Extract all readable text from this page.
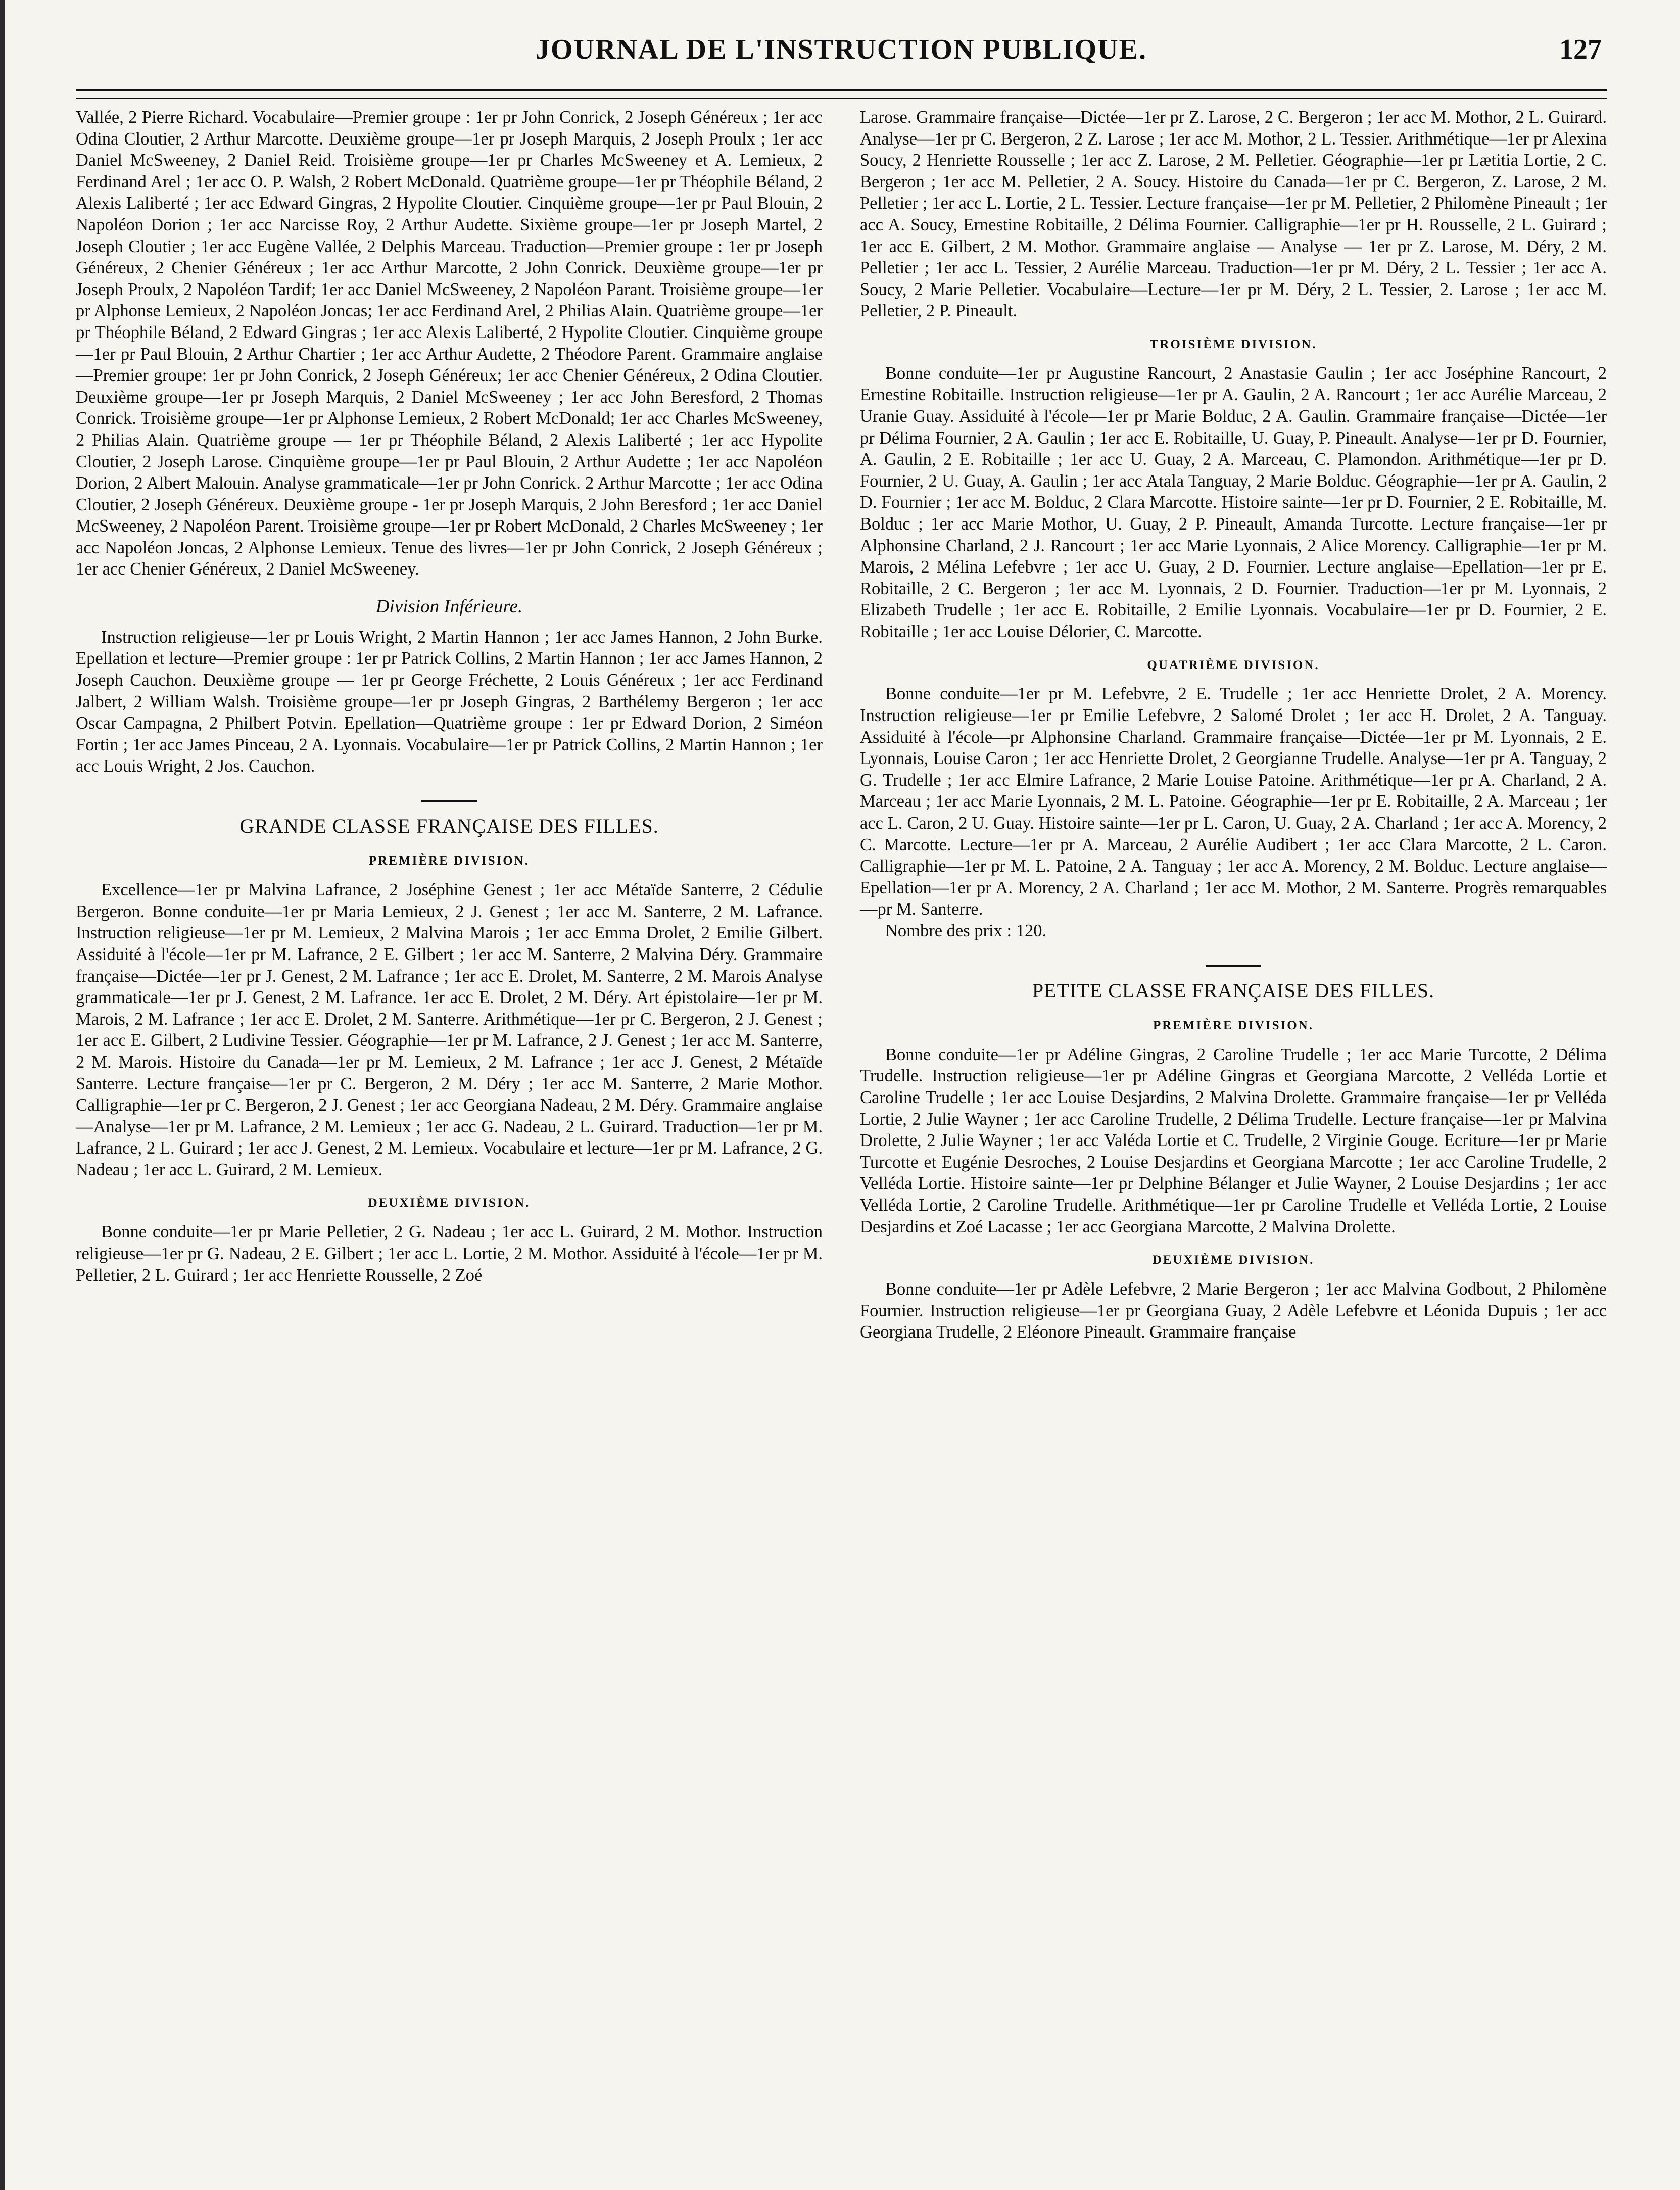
JOURNAL DE L'INSTRUCTION PUBLIQUE.	127

Vallée, 2 Pierre Richard. Vocabulaire—Premier groupe : 1er pr John Conrick, 2 Joseph Généreux ; 1er acc Odina Cloutier, 2 Arthur Marcotte. Deuxième groupe—1er pr Joseph Marquis, 2 Joseph Proulx ; 1er acc Daniel McSweeney, 2 Daniel Reid. Troisième groupe—1er pr Charles McSweeney et A. Lemieux, 2 Ferdinand Arel ; 1er acc O. P. Walsh, 2 Robert McDonald. Quatrième groupe—1er pr Théophile Béland, 2 Alexis Laliberté ; 1er acc Edward Gingras, 2 Hypolite Cloutier. Cinquième groupe—1er pr Paul Blouin, 2 Napoléon Dorion ; 1er acc Narcisse Roy, 2 Arthur Audette. Sixième groupe—1er pr Joseph Martel, 2 Joseph Cloutier ; 1er acc Eugène Vallée, 2 Delphis Marceau. Traduction—Premier groupe : 1er pr Joseph Généreux, 2 Chenier Généreux ; 1er acc Arthur Marcotte, 2 John Conrick. Deuxième groupe—1er pr Joseph Proulx, 2 Napoléon Tardif; 1er acc Daniel McSweeney, 2 Napoléon Parant. Troisième groupe—1er pr Alphonse Lemieux, 2 Napoléon Joncas; 1er acc Ferdinand Arel, 2 Philias Alain. Quatrième groupe—1er pr Théophile Béland, 2 Edward Gingras ; 1er acc Alexis Laliberté, 2 Hypolite Cloutier. Cinquième groupe—1er pr Paul Blouin, 2 Arthur Chartier ; 1er acc Arthur Audette, 2 Théodore Parent. Grammaire anglaise—Premier groupe: 1er pr John Conrick, 2 Joseph Généreux; 1er acc Chenier Généreux, 2 Odina Cloutier. Deuxième groupe—1er pr Joseph Marquis, 2 Daniel McSweeney ; 1er acc John Beresford, 2 Thomas Conrick. Troisième groupe—1er pr Alphonse Lemieux, 2 Robert McDonald; 1er acc Charles McSweeney, 2 Philias Alain. Quatrième groupe — 1er pr Théophile Béland, 2 Alexis Laliberté ; 1er acc Hypolite Cloutier, 2 Joseph Larose. Cinquième groupe—1er pr Paul Blouin, 2 Arthur Audette ; 1er acc Napoléon Dorion, 2 Albert Malouin. Analyse grammaticale—1er pr John Conrick. 2 Arthur Marcotte ; 1er acc Odina Cloutier, 2 Joseph Généreux. Deuxième groupe - 1er pr Joseph Marquis, 2 John Beresford ; 1er acc Daniel McSweeney, 2 Napoléon Parent. Troisième groupe—1er pr Robert McDonald, 2 Charles McSweeney ; 1er acc Napoléon Joncas, 2 Alphonse Lemieux. Tenue des livres—1er pr John Conrick, 2 Joseph Généreux ; 1er acc Chenier Généreux, 2 Daniel McSweeney.

Division Inférieure.

Instruction religieuse—1er pr Louis Wright, 2 Martin Hannon ; 1er acc James Hannon, 2 John Burke. Epellation et lecture—Premier groupe : 1er pr Patrick Collins, 2 Martin Hannon ; 1er acc James Hannon, 2 Joseph Cauchon. Deuxième groupe — 1er pr George Fréchette, 2 Louis Généreux ; 1er acc Ferdinand Jalbert, 2 William Walsh. Troisième groupe—1er pr Joseph Gingras, 2 Barthélemy Bergeron ; 1er acc Oscar Campagna, 2 Philbert Potvin. Epellation—Quatrième groupe : 1er pr Edward Dorion, 2 Siméon Fortin ; 1er acc James Pinceau, 2 A. Lyonnais. Vocabulaire—1er pr Patrick Collins, 2 Martin Hannon ; 1er acc Louis Wright, 2 Jos. Cauchon.

GRANDE CLASSE FRANÇAISE DES FILLES.
PREMIÈRE DIVISION.

Excellence—1er pr Malvina Lafrance, 2 Joséphine Genest ; 1er acc Métaïde Santerre, 2 Cédulie Bergeron. Bonne conduite—1er pr Maria Lemieux, 2 J. Genest ; 1er acc M. Santerre, 2 M. Lafrance. Instruction religieuse—1er pr M. Lemieux, 2 Malvina Marois ; 1er acc Emma Drolet, 2 Emilie Gilbert. Assiduité à l'école—1er pr M. Lafrance, 2 E. Gilbert ; 1er acc M. Santerre, 2 Malvina Déry. Grammaire française—Dictée—1er pr J. Genest, 2 M. Lafrance ; 1er acc E. Drolet, M. Santerre, 2 M. Marois Analyse grammaticale—1er pr J. Genest, 2 M. Lafrance. 1er acc E. Drolet, 2 M. Déry. Art épistolaire—1er pr M. Marois, 2 M. Lafrance ; 1er acc E. Drolet, 2 M. Santerre. Arithmétique—1er pr C. Bergeron, 2 J. Genest ; 1er acc E. Gilbert, 2 Ludivine Tessier. Géographie—1er pr M. Lafrance, 2 J. Genest ; 1er acc M. Santerre, 2 M. Marois. Histoire du Canada—1er pr M. Lemieux, 2 M. Lafrance ; 1er acc J. Genest, 2 Métaïde Santerre. Lecture française—1er pr C. Bergeron, 2 M. Déry ; 1er acc M. Santerre, 2 Marie Mothor. Calligraphie—1er pr C. Bergeron, 2 J. Genest ; 1er acc Georgiana Nadeau, 2 M. Déry. Grammaire anglaise—Analyse—1er pr M. Lafrance, 2 M. Lemieux ; 1er acc G. Nadeau, 2 L. Guirard. Traduction—1er pr M. Lafrance, 2 L. Guirard ; 1er acc J. Genest, 2 M. Lemieux. Vocabulaire et lecture—1er pr M. Lafrance, 2 G. Nadeau ; 1er acc L. Guirard, 2 M. Lemieux.

DEUXIÈME DIVISION.

Bonne conduite—1er pr Marie Pelletier, 2 G. Nadeau ; 1er acc L. Guirard, 2 M. Mothor. Instruction religieuse—1er pr G. Nadeau, 2 E. Gilbert ; 1er acc L. Lortie, 2 M. Mothor. Assiduité à l'école—1er pr M. Pelletier, 2 L. Guirard ; 1er acc Henriette Rousselle, 2 Zoé

Larose. Grammaire française—Dictée—1er pr Z. Larose, 2 C. Bergeron ; 1er acc M. Mothor, 2 L. Guirard. Analyse—1er pr C. Bergeron, 2 Z. Larose ; 1er acc M. Mothor, 2 L. Tessier. Arithmétique—1er pr Alexina Soucy, 2 Henriette Rousselle ; 1er acc Z. Larose, 2 M. Pelletier. Géographie—1er pr Lætitia Lortie, 2 C. Bergeron ; 1er acc M. Pelletier, 2 A. Soucy. Histoire du Canada—1er pr C. Bergeron, Z. Larose, 2 M. Pelletier ; 1er acc L. Lortie, 2 L. Tessier. Lecture française—1er pr M. Pelletier, 2 Philomène Pineault ; 1er acc A. Soucy, Ernestine Robitaille, 2 Délima Fournier. Calligraphie—1er pr H. Rousselle, 2 L. Guirard ; 1er acc E. Gilbert, 2 M. Mothor. Grammaire anglaise — Analyse — 1er pr Z. Larose, M. Déry, 2 M. Pelletier ; 1er acc L. Tessier, 2 Aurélie Marceau. Traduction—1er pr M. Déry, 2 L. Tessier ; 1er acc A. Soucy, 2 Marie Pelletier. Vocabulaire—Lecture—1er pr M. Déry, 2 L. Tessier, 2. Larose ; 1er acc M. Pelletier, 2 P. Pineault.

TROISIÈME DIVISION.

Bonne conduite—1er pr Augustine Rancourt, 2 Anastasie Gaulin ; 1er acc Joséphine Rancourt, 2 Ernestine Robitaille. Instruction religieuse—1er pr A. Gaulin, 2 A. Rancourt ; 1er acc Aurélie Marceau, 2 Uranie Guay. Assiduité à l'école—1er pr Marie Bolduc, 2 A. Gaulin. Grammaire française—Dictée—1er pr Délima Fournier, 2 A. Gaulin ; 1er acc E. Robitaille, U. Guay, P. Pineault. Analyse—1er pr D. Fournier, A. Gaulin, 2 E. Robitaille ; 1er acc U. Guay, 2 A. Marceau, C. Plamondon. Arithmétique—1er pr D. Fournier, 2 U. Guay, A. Gaulin ; 1er acc Atala Tanguay, 2 Marie Bolduc. Géographie—1er pr A. Gaulin, 2 D. Fournier ; 1er acc M. Bolduc, 2 Clara Marcotte. Histoire sainte—1er pr D. Fournier, 2 E. Robitaille, M. Bolduc ; 1er acc Marie Mothor, U. Guay, 2 P. Pineault, Amanda Turcotte. Lecture française—1er pr Alphonsine Charland, 2 J. Rancourt ; 1er acc Marie Lyonnais, 2 Alice Morency. Calligraphie—1er pr M. Marois, 2 Mélina Lefebvre ; 1er acc U. Guay, 2 D. Fournier. Lecture anglaise—Epellation—1er pr E. Robitaille, 2 C. Bergeron ; 1er acc M. Lyonnais, 2 D. Fournier. Traduction—1er pr M. Lyonnais, 2 Elizabeth Trudelle ; 1er acc E. Robitaille, 2 Emilie Lyonnais. Vocabulaire—1er pr D. Fournier, 2 E. Robitaille ; 1er acc Louise Délorier, C. Marcotte.

QUATRIÈME DIVISION.

Bonne conduite—1er pr M. Lefebvre, 2 E. Trudelle ; 1er acc Henriette Drolet, 2 A. Morency. Instruction religieuse—1er pr Emilie Lefebvre, 2 Salomé Drolet ; 1er acc H. Drolet, 2 A. Tanguay. Assiduité à l'école—pr Alphonsine Charland. Grammaire française—Dictée—1er pr M. Lyonnais, 2 E. Lyonnais, Louise Caron ; 1er acc Henriette Drolet, 2 Georgianne Trudelle. Analyse—1er pr A. Tanguay, 2 G. Trudelle ; 1er acc Elmire Lafrance, 2 Marie Louise Patoine. Arithmétique—1er pr A. Charland, 2 A. Marceau ; 1er acc Marie Lyonnais, 2 M. L. Patoine. Géographie—1er pr E. Robitaille, 2 A. Marceau ; 1er acc L. Caron, 2 U. Guay. Histoire sainte—1er pr L. Caron, U. Guay, 2 A. Charland ; 1er acc A. Morency, 2 C. Marcotte. Lecture—1er pr A. Marceau, 2 Aurélie Audibert ; 1er acc Clara Marcotte, 2 L. Caron. Calligraphie—1er pr M. L. Patoine, 2 A. Tanguay ; 1er acc A. Morency, 2 M. Bolduc. Lecture anglaise—Epellation—1er pr A. Morency, 2 A. Charland ; 1er acc M. Mothor, 2 M. Santerre. Progrès remarquables—pr M. Santerre.

Nombre des prix : 120.

PETITE CLASSE FRANÇAISE DES FILLES.
PREMIÈRE DIVISION.

Bonne conduite—1er pr Adéline Gingras, 2 Caroline Trudelle ; 1er acc Marie Turcotte, 2 Délima Trudelle. Instruction religieuse—1er pr Adéline Gingras et Georgiana Marcotte, 2 Velléda Lortie et Caroline Trudelle ; 1er acc Louise Desjardins, 2 Malvina Drolette. Grammaire française—1er pr Velléda Lortie, 2 Julie Wayner ; 1er acc Caroline Trudelle, 2 Délima Trudelle. Lecture française—1er pr Malvina Drolette, 2 Julie Wayner ; 1er acc Valéda Lortie et C. Trudelle, 2 Virginie Gouge. Ecriture—1er pr Marie Turcotte et Eugénie Desroches, 2 Louise Desjardins et Georgiana Marcotte ; 1er acc Caroline Trudelle, 2 Velléda Lortie. Histoire sainte—1er pr Delphine Bélanger et Julie Wayner, 2 Louise Desjardins ; 1er acc Velléda Lortie, 2 Caroline Trudelle. Arithmétique—1er pr Caroline Trudelle et Velléda Lortie, 2 Louise Desjardins et Zoé Lacasse ; 1er acc Georgiana Marcotte, 2 Malvina Drolette.

DEUXIÈME DIVISION.

Bonne conduite—1er pr Adèle Lefebvre, 2 Marie Bergeron ; 1er acc Malvina Godbout, 2 Philomène Fournier. Instruction religieuse—1er pr Georgiana Guay, 2 Adèle Lefebvre et Léonida Dupuis ; 1er acc Georgiana Trudelle, 2 Eléonore Pineault. Grammaire française
